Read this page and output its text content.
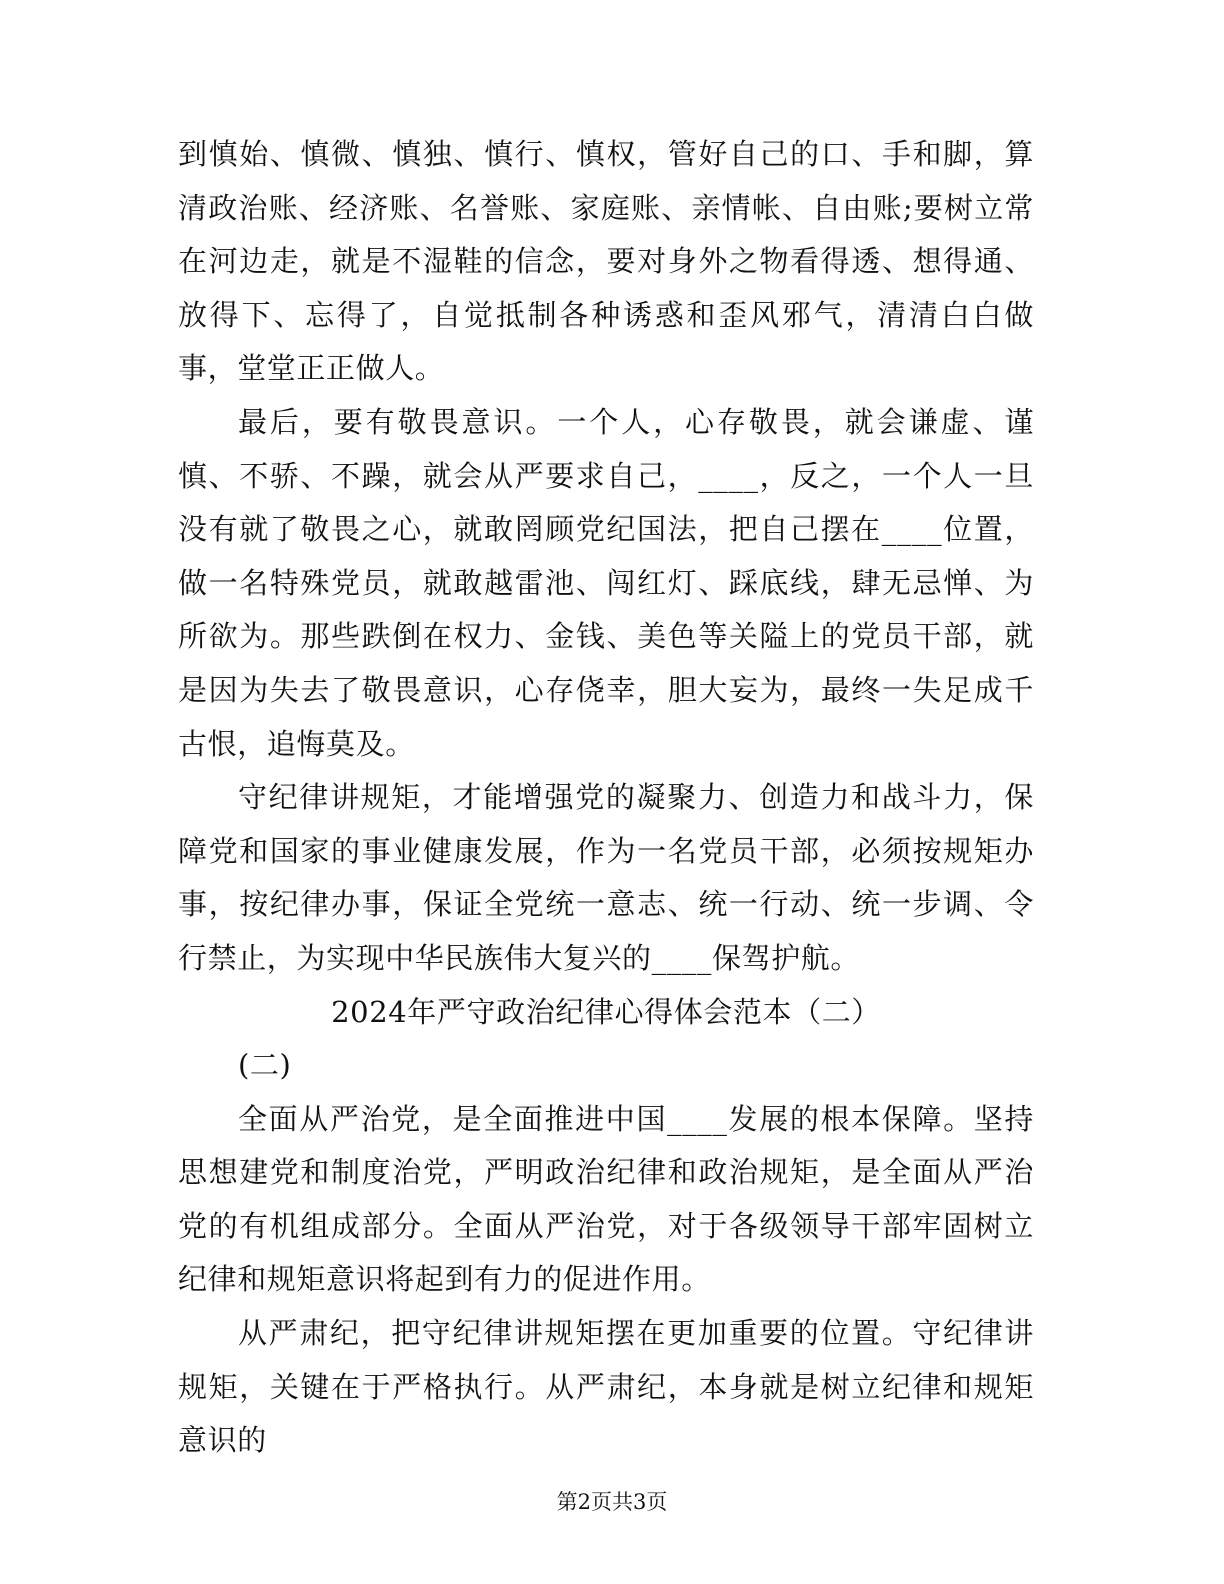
到慎始、慎微、慎独、慎行、慎权，管好自己的口、手和脚，算清政治账、经济账、名誉账、家庭账、亲情帐、自由账;要树立常在河边走，就是不湿鞋的信念，要对身外之物看得透、想得通、放得下、忘得了，自觉抵制各种诱惑和歪风邪气，清清白白做事，堂堂正正做人。

最后，要有敬畏意识。一个人，心存敬畏，就会谦虚、谨慎、不骄、不躁，就会从严要求自己，____，反之，一个人一旦没有就了敬畏之心，就敢罔顾党纪国法，把自己摆在____位置，做一名特殊党员，就敢越雷池、闯红灯、踩底线，肆无忌惮、为所欲为。那些跌倒在权力、金钱、美色等关隘上的党员干部，就是因为失去了敬畏意识，心存侥幸，胆大妄为，最终一失足成千古恨，追悔莫及。

守纪律讲规矩，才能增强党的凝聚力、创造力和战斗力，保障党和国家的事业健康发展，作为一名党员干部，必须按规矩办事，按纪律办事，保证全党统一意志、统一行动、统一步调、令行禁止，为实现中华民族伟大复兴的____保驾护航。

2024年严守政治纪律心得体会范本（二）

(二)

全面从严治党，是全面推进中国____发展的根本保障。坚持思想建党和制度治党，严明政治纪律和政治规矩，是全面从严治党的有机组成部分。全面从严治党，对于各级领导干部牢固树立纪律和规矩意识将起到有力的促进作用。

从严肃纪，把守纪律讲规矩摆在更加重要的位置。守纪律讲规矩，关键在于严格执行。从严肃纪，本身就是树立纪律和规矩意识的

第2页共3页
